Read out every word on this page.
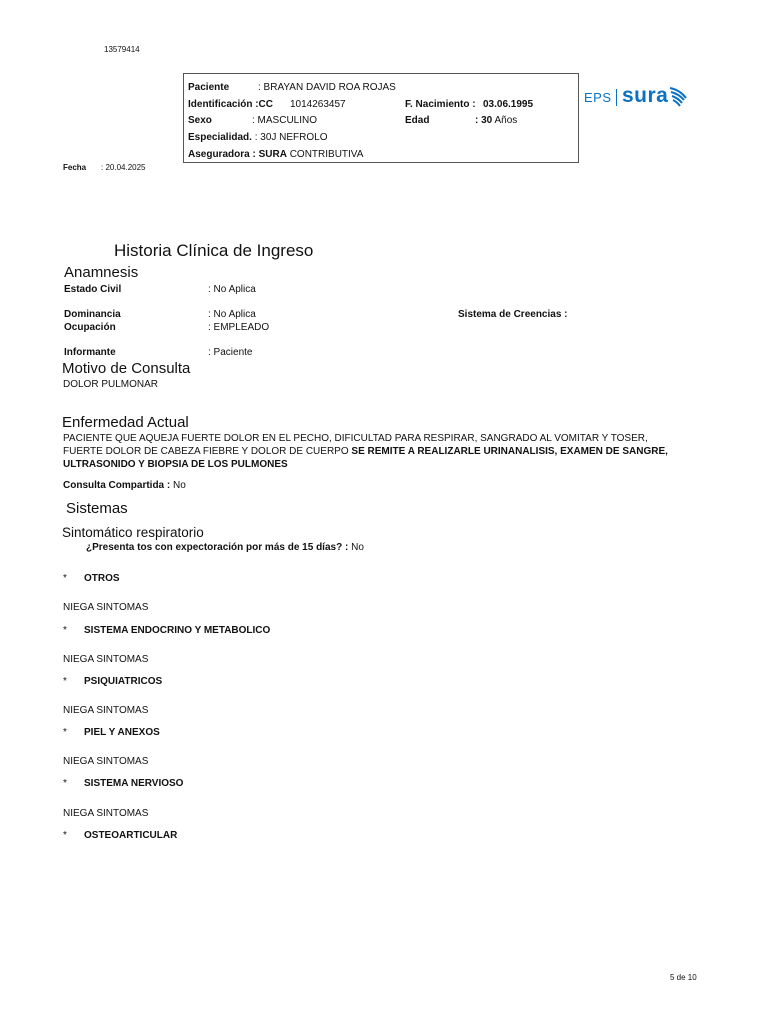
13579414
Paciente	: BRAYAN DAVID ROA ROJAS
Identificación :CC 1014263457	F. Nacimiento : 03.06.1995
Sexo	: MASCULINO	Edad	: 30 Años
Especialidad. : 30J NEFROLO
Aseguradora : SURA CONTRIBUTIVA
EPS sura
Fecha : 20.04.2025
Historia Clínica de Ingreso
Anamnesis
Estado Civil	: No Aplica
Dominancia	: No Aplica	Sistema de Creencias :
Ocupación	: EMPLEADO
Informante	: Paciente
Motivo de Consulta
DOLOR PULMONAR
Enfermedad Actual
PACIENTE QUE AQUEJA FUERTE DOLOR EN EL PECHO, DIFICULTAD PARA RESPIRAR, SANGRADO AL VOMITAR Y TOSER,
FUERTE DOLOR DE CABEZA FIEBRE Y DOLOR DE CUERPO SE REMITE A REALIZARLE URINANALISIS, EXAMEN DE SANGRE,
ULTRASONIDO Y BIOPSIA DE LOS PULMONES
Consulta Compartida : No
Sistemas
Sintomático respiratorio
¿Presenta tos con expectoración por más de 15 días? : No
* OTROS
NIEGA SINTOMAS
* SISTEMA ENDOCRINO Y METABOLICO
NIEGA SINTOMAS
* PSIQUIATRICOS
NIEGA SINTOMAS
* PIEL Y ANEXOS
NIEGA SINTOMAS
* SISTEMA NERVIOSO
NIEGA SINTOMAS
* OSTEOARTICULAR
5 de 10
